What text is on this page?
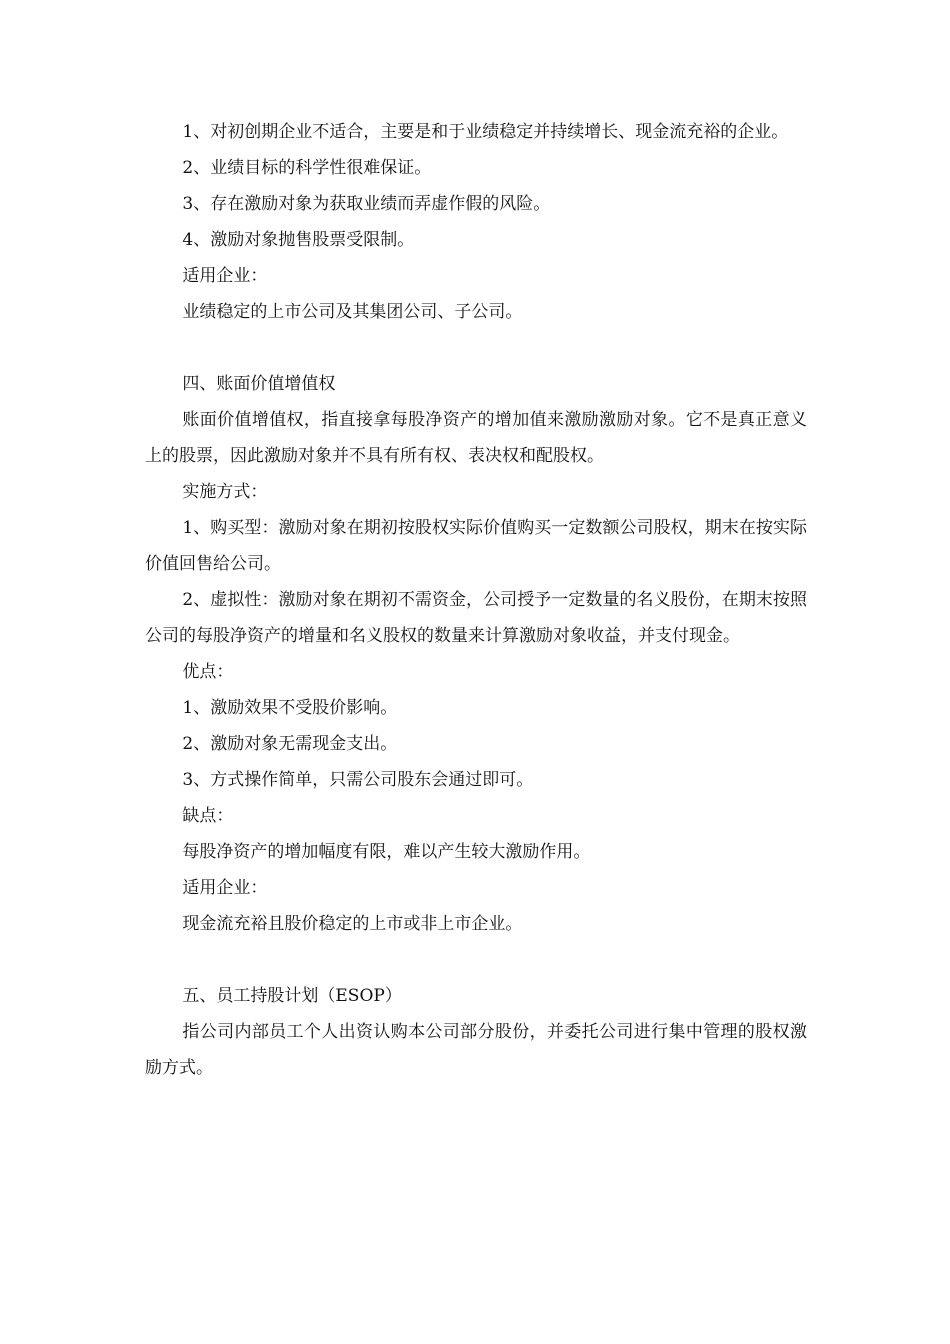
1、对初创期企业不适合，主要是和于业绩稳定并持续增长、现金流充裕的企业。

2、业绩目标的科学性很难保证。

3、存在激励对象为获取业绩而弄虚作假的风险。

4、激励对象抛售股票受限制。

适用企业：

业绩稳定的上市公司及其集团公司、子公司。

四、账面价值增值权

账面价值增值权，指直接拿每股净资产的增加值来激励激励对象。它不是真正意义上的股票，因此激励对象并不具有所有权、表决权和配股权。

实施方式：

1、购买型：激励对象在期初按股权实际价值购买一定数额公司股权，期末在按实际价值回售给公司。

2、虚拟性：激励对象在期初不需资金，公司授予一定数量的名义股份，在期末按照公司的每股净资产的增量和名义股权的数量来计算激励对象收益，并支付现金。

优点：

1、激励效果不受股价影响。

2、激励对象无需现金支出。

3、方式操作简单，只需公司股东会通过即可。

缺点：

每股净资产的增加幅度有限，难以产生较大激励作用。

适用企业：

现金流充裕且股价稳定的上市或非上市企业。

五、员工持股计划（ESOP）

指公司内部员工个人出资认购本公司部分股份，并委托公司进行集中管理的股权激励方式。
